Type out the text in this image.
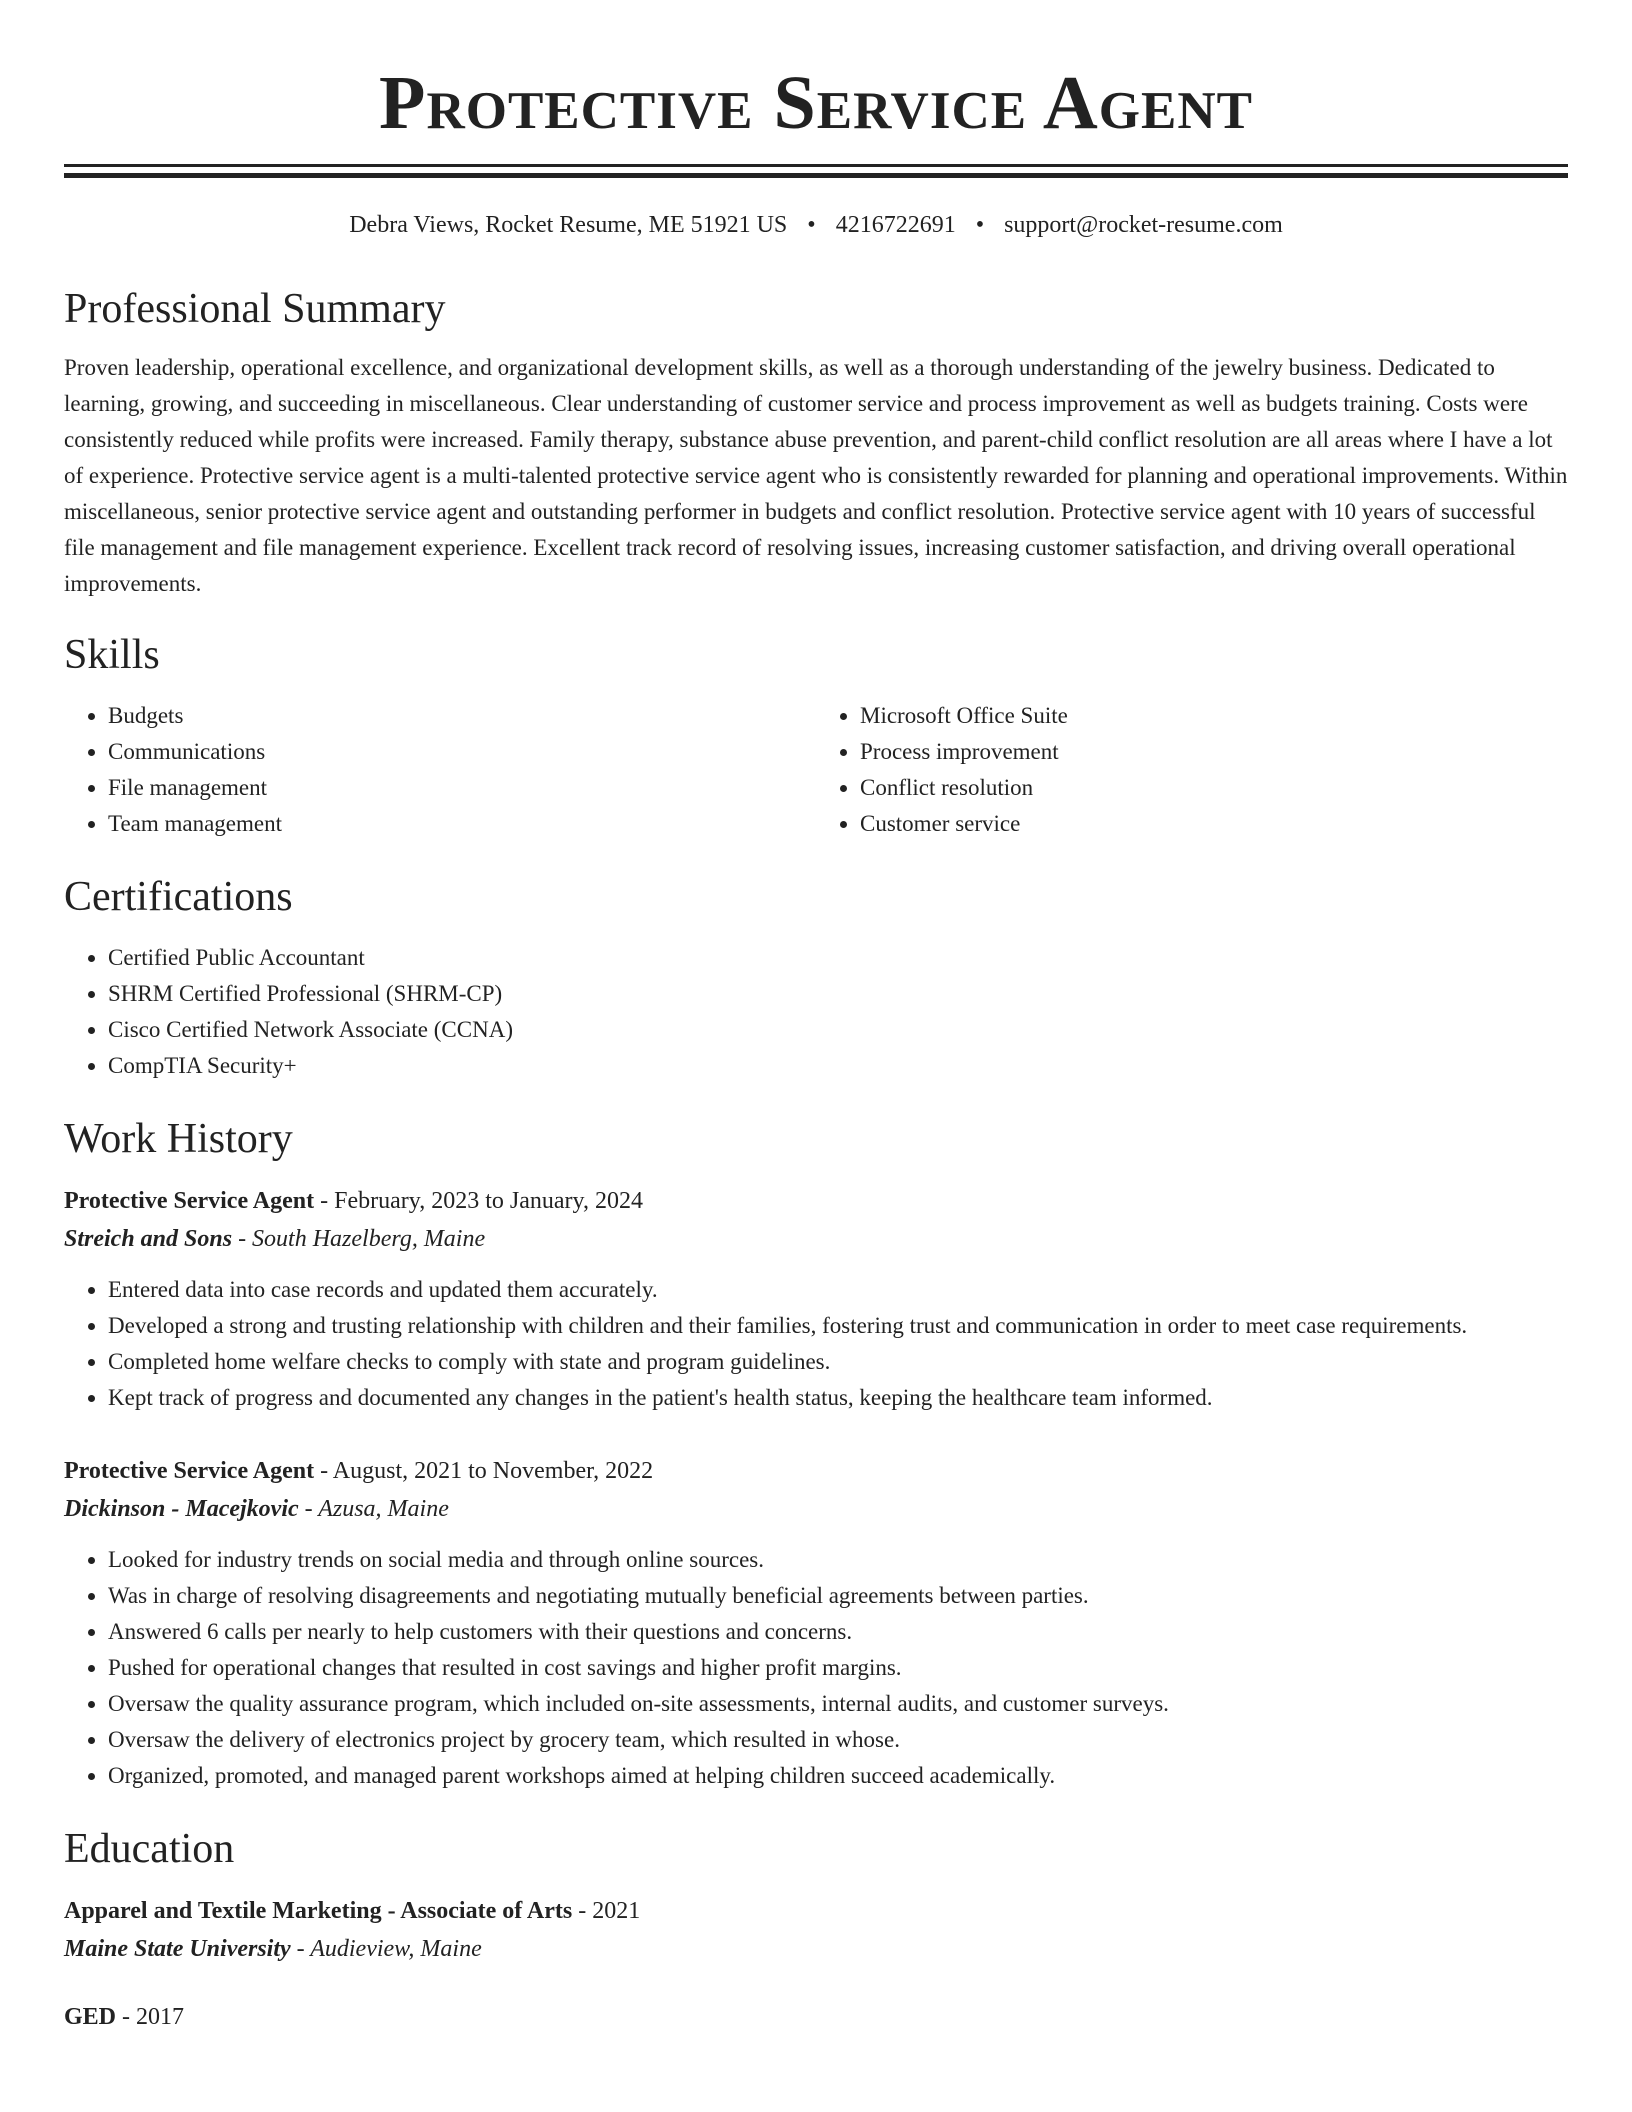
Protective Service Agent
Debra Views, Rocket Resume, ME 51921 US • 4216722691 • support@rocket-resume.com
Professional Summary

Proven leadership, operational excellence, and organizational development skills, as well as a thorough understanding of the jewelry business. Dedicated to learning, growing, and succeeding in miscellaneous. Clear understanding of customer service and process improvement as well as budgets training. Costs were consistently reduced while profits were increased. Family therapy, substance abuse prevention, and parent-child conflict resolution are all areas where I have a lot of experience. Protective service agent is a multi-talented protective service agent who is consistently rewarded for planning and operational improvements. Within miscellaneous, senior protective service agent and outstanding performer in budgets and conflict resolution. Protective service agent with 10 years of successful file management and file management experience. Excellent track record of resolving issues, increasing customer satisfaction, and driving overall operational improvements.

Skills
• Budgets
• Communications
• File management
• Team management
• Microsoft Office Suite
• Process improvement
• Conflict resolution
• Customer service
Certifications
• Certified Public Accountant
• SHRM Certified Professional (SHRM-CP)
• Cisco Certified Network Associate (CCNA)
• CompTIA Security+
Work History
Protective Service Agent - February, 2023 to January, 2024
Streich and Sons - South Hazelberg, Maine
• Entered data into case records and updated them accurately.
• Developed a strong and trusting relationship with children and their families, fostering trust and communication in order to meet case requirements.
• Completed home welfare checks to comply with state and program guidelines.
• Kept track of progress and documented any changes in the patient's health status, keeping the healthcare team informed.
Protective Service Agent - August, 2021 to November, 2022
Dickinson - Macejkovic - Azusa, Maine
• Looked for industry trends on social media and through online sources.
• Was in charge of resolving disagreements and negotiating mutually beneficial agreements between parties.
• Answered 6 calls per nearly to help customers with their questions and concerns.
• Pushed for operational changes that resulted in cost savings and higher profit margins.
• Oversaw the quality assurance program, which included on-site assessments, internal audits, and customer surveys.
• Oversaw the delivery of electronics project by grocery team, which resulted in whose.
• Organized, promoted, and managed parent workshops aimed at helping children succeed academically.
Education
Apparel and Textile Marketing - Associate of Arts - 2021
Maine State University - Audieview, Maine
GED - 2017
